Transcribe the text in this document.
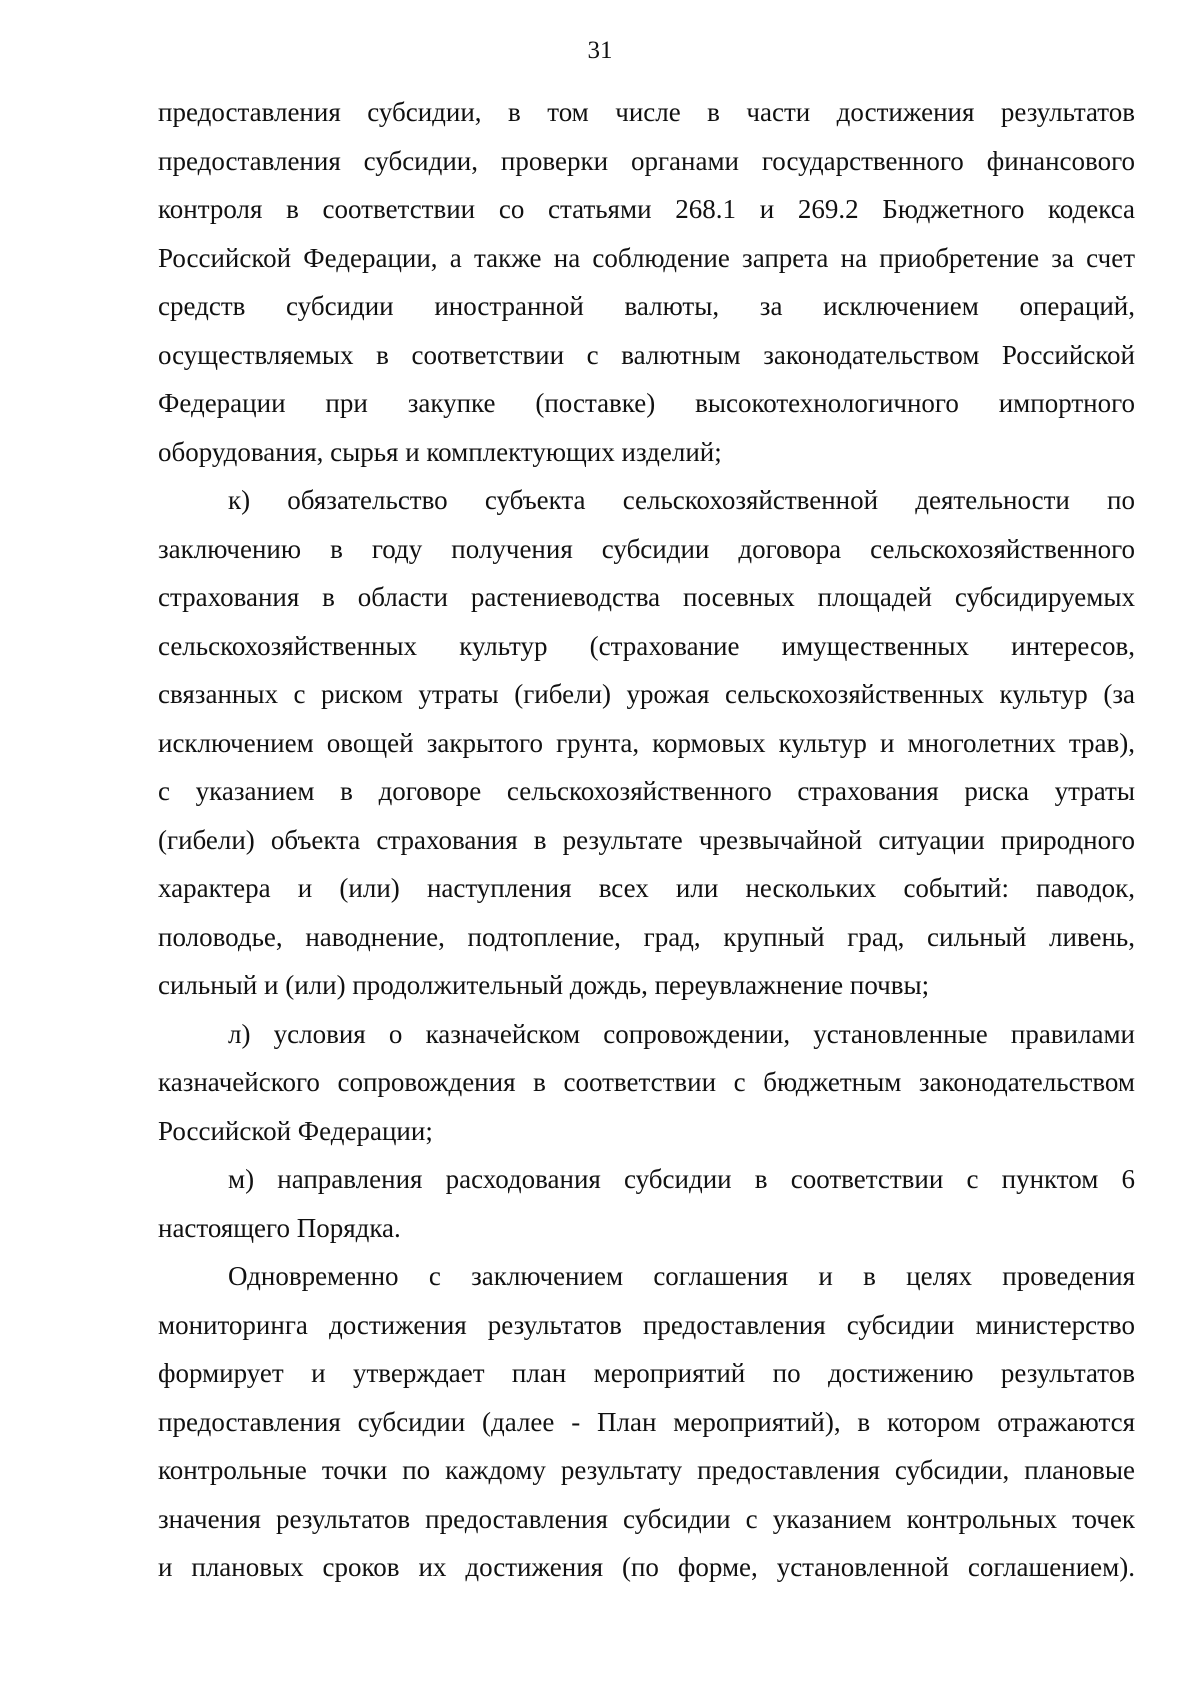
31
предоставления субсидии, в том числе в части достижения результатов
предоставления субсидии, проверки органами государственного финансового
контроля в соответствии со статьями 268.1 и 269.2 Бюджетного кодекса
Российской Федерации, а также на соблюдение запрета на приобретение за счет
средств субсидии иностранной валюты, за исключением операций,
осуществляемых в соответствии с валютным законодательством Российской
Федерации при закупке (поставке) высокотехнологичного импортного
оборудования, сырья и комплектующих изделий;
к) обязательство субъекта сельскохозяйственной деятельности по
заключению в году получения субсидии договора сельскохозяйственного
страхования в области растениеводства посевных площадей субсидируемых
сельскохозяйственных культур (страхование имущественных интересов,
связанных с риском утраты (гибели) урожая сельскохозяйственных культур (за
исключением овощей закрытого грунта, кормовых культур и многолетних трав),
с указанием в договоре сельскохозяйственного страхования риска утраты
(гибели) объекта страхования в результате чрезвычайной ситуации природного
характера и (или) наступления всех или нескольких событий: паводок,
половодье, наводнение, подтопление, град, крупный град, сильный ливень,
сильный и (или) продолжительный дождь, переувлажнение почвы;
л) условия о казначейском сопровождении, установленные правилами
казначейского сопровождения в соответствии с бюджетным законодательством
Российской Федерации;
м) направления расходования субсидии в соответствии с пунктом 6
настоящего Порядка.
Одновременно с заключением соглашения и в целях проведения
мониторинга достижения результатов предоставления субсидии министерство
формирует и утверждает план мероприятий по достижению результатов
предоставления субсидии (далее - План мероприятий), в котором отражаются
контрольные точки по каждому результату предоставления субсидии, плановые
значения результатов предоставления субсидии с указанием контрольных точек
и плановых сроков их достижения (по форме, установленной соглашением).
